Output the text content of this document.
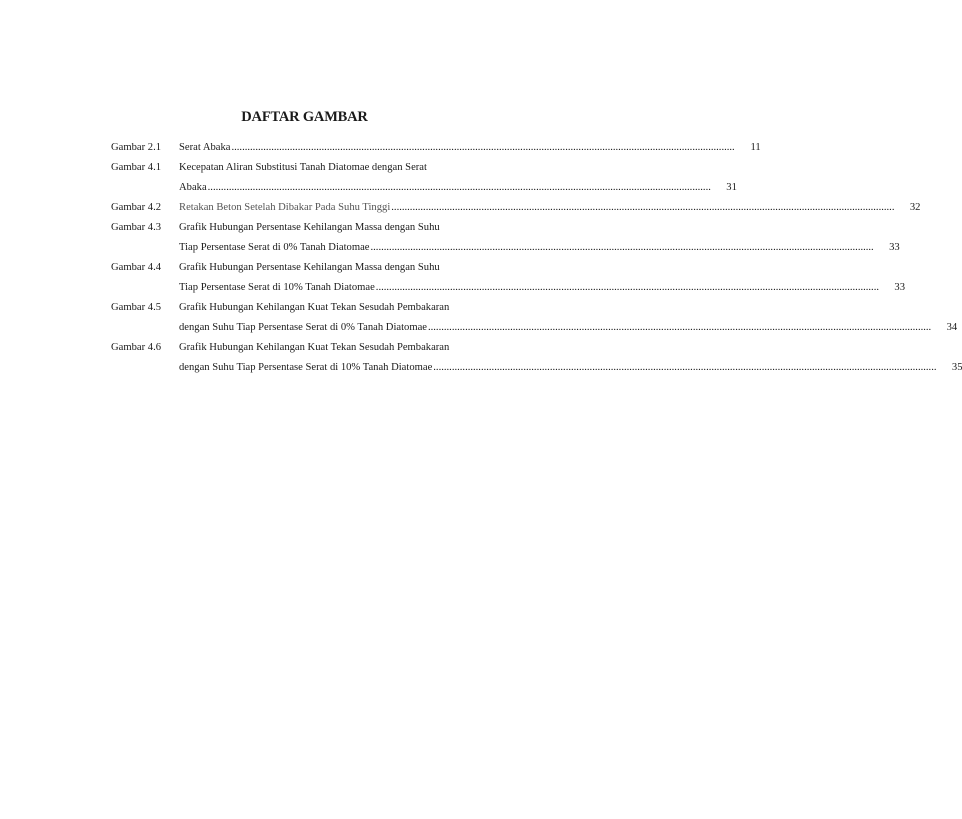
DAFTAR GAMBAR
Gambar 2.1	Serat Abaka .....	11
Gambar 4.1	Kecepatan Aliran Substitusi Tanah Diatomae dengan Serat
Abaka .....	31
Gambar 4.2	Retakan Beton Setelah Dibakar Pada Suhu Tinggi .....	32
Gambar 4.3	Grafik Hubungan Persentase Kehilangan Massa dengan Suhu
Tiap Persentase Serat di 0% Tanah Diatomae .....	33
Gambar 4.4	Grafik Hubungan Persentase Kehilangan Massa dengan Suhu
Tiap Persentase Serat di 10% Tanah Diatomae .....	33
Gambar 4.5	Grafik Hubungan Kehilangan Kuat Tekan Sesudah Pembakaran
dengan Suhu Tiap Persentase Serat di 0% Tanah Diatomae .....	34
Gambar 4.6	Grafik Hubungan Kehilangan Kuat Tekan Sesudah Pembakaran
dengan Suhu Tiap Persentase Serat di 10% Tanah Diatomae .....	35
